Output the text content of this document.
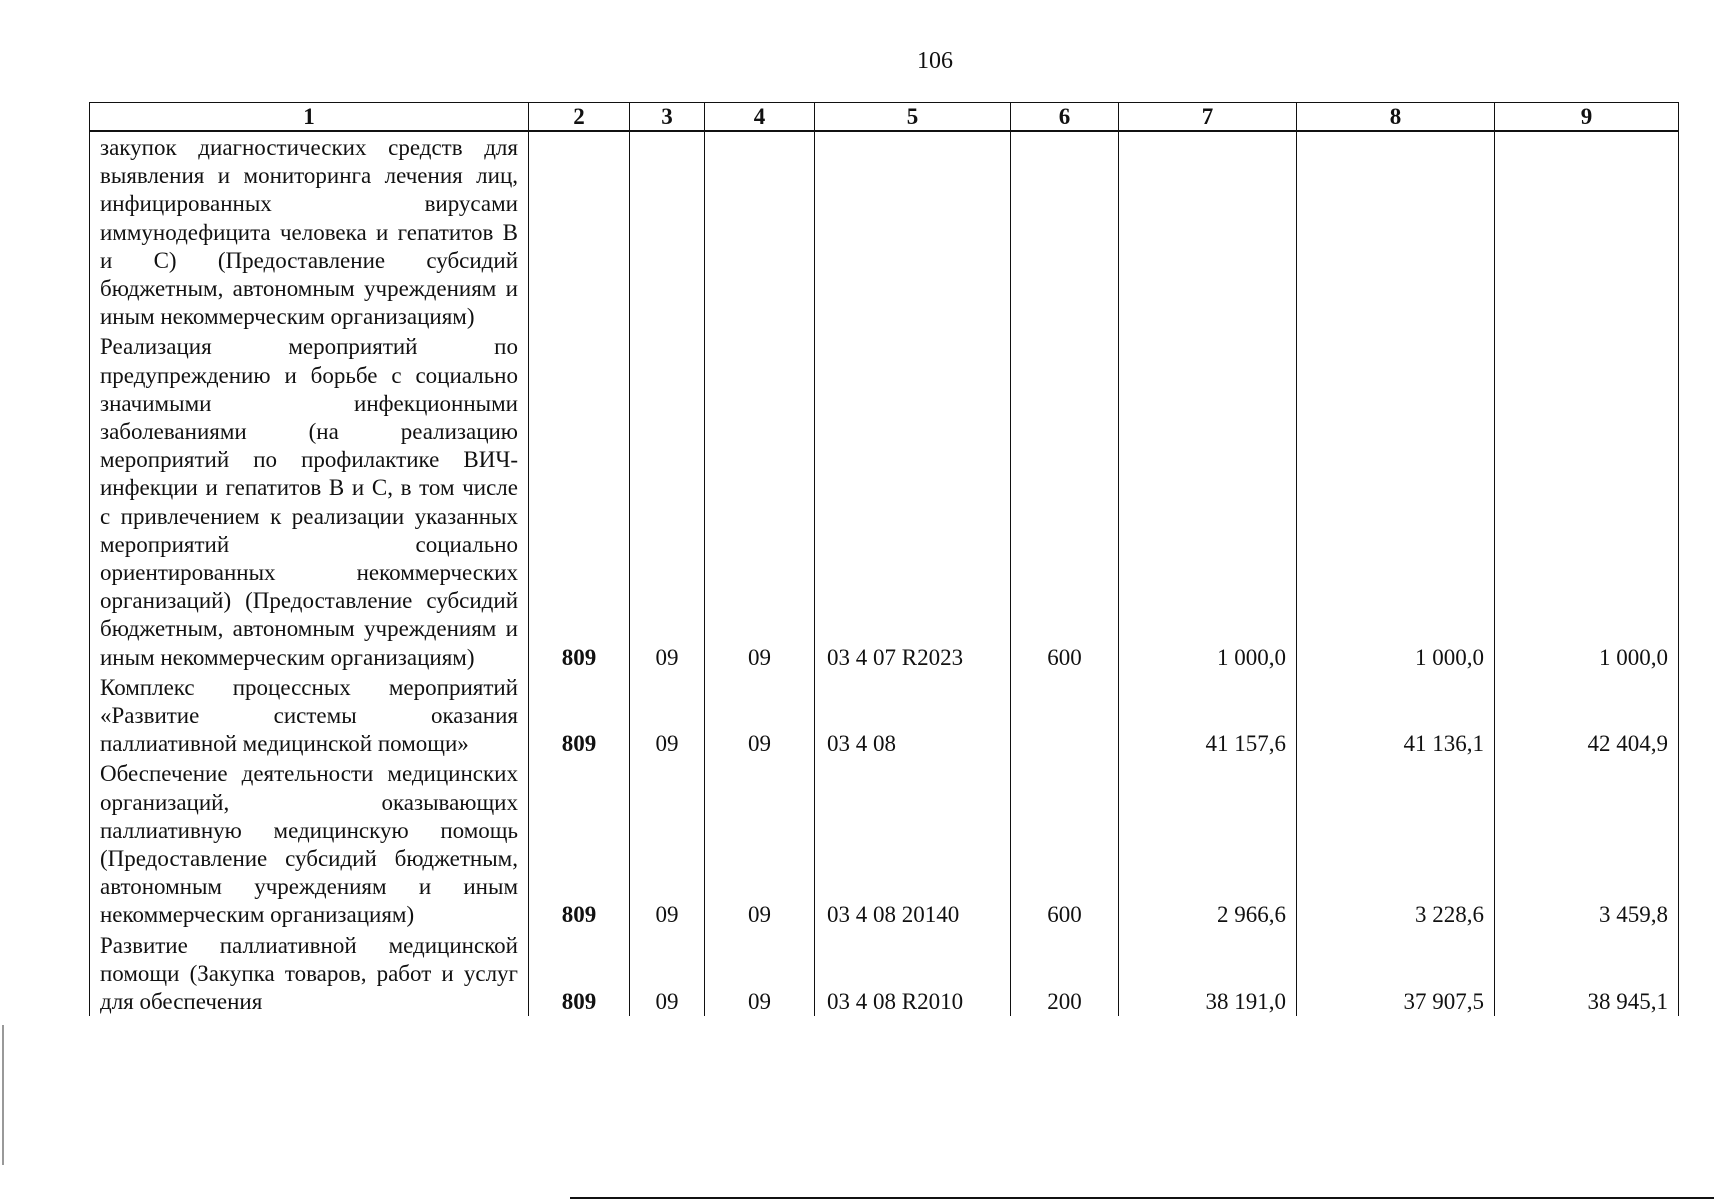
106
1	2	3	4	5	6	7	8	9
закупок диагностических средств для выявления и мониторинга лечения лиц, инфицированных вирусами иммунодефицита человека и гепатитов В и С) (Предоставление субсидий бюджетным, автономным учреждениям и иным некоммерческим организациям)								
Реализация мероприятий по предупреждению и борьбе с социально значимыми инфекционными заболеваниями (на реализацию мероприятий по профилактике ВИЧ-инфекции и гепатитов В и С, в том числе с привлечением к реализации указанных мероприятий социально ориентированных некоммерческих организаций) (Предоставление субсидий бюджетным, автономным учреждениям и иным некоммерческим организациям)	809	09	09	03 4 07 R2023	600	1 000,0	1 000,0	1 000,0
Комплекс процессных мероприятий «Развитие системы оказания паллиативной медицинской помощи»	809	09	09	03 4 08		41 157,6	41 136,1	42 404,9
Обеспечение деятельности медицинских организаций, оказывающих паллиативную медицинскую помощь (Предоставление субсидий бюджетным, автономным учреждениям и иным некоммерческим организациям)	809	09	09	03 4 08 20140	600	2 966,6	3 228,6	3 459,8
Развитие паллиативной медицинской помощи (Закупка товаров, работ и услуг для обеспечения	809	09	09	03 4 08 R2010	200	38 191,0	37 907,5	38 945,1
